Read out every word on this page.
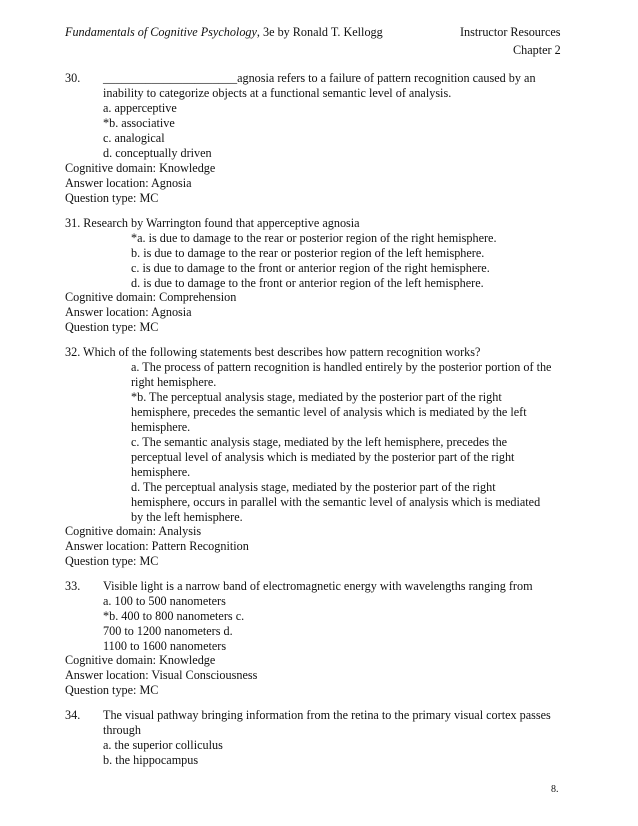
Fundamentals of Cognitive Psychology, 3e by Ronald T. Kellogg	Instructor Resources
Chapter 2
30. ______________________agnosia refers to a failure of pattern recognition caused by an
inability to categorize objects at a functional semantic level of analysis.
a. apperceptive
*b. associative
c. analogical
d. conceptually driven
Cognitive domain: Knowledge
Answer location: Agnosia
Question type: MC
31. Research by Warrington found that apperceptive agnosia
*a. is due to damage to the rear or posterior region of the right hemisphere.
b. is due to damage to the rear or posterior region of the left hemisphere.
c. is due to damage to the front or anterior region of the right hemisphere.
d. is due to damage to the front or anterior region of the left hemisphere.
Cognitive domain: Comprehension
Answer location: Agnosia
Question type: MC
32. Which of the following statements best describes how pattern recognition works?
a. The process of pattern recognition is handled entirely by the posterior portion of the
right hemisphere.
*b. The perceptual analysis stage, mediated by the posterior part of the right
hemisphere, precedes the semantic level of analysis which is mediated by the left
hemisphere.
c. The semantic analysis stage, mediated by the left hemisphere, precedes the
perceptual level of analysis which is mediated by the posterior part of the right
hemisphere.
d. The perceptual analysis stage, mediated by the posterior part of the right
hemisphere, occurs in parallel with the semantic level of analysis which is mediated
by the left hemisphere.
Cognitive domain: Analysis
Answer location: Pattern Recognition
Question type: MC
33. Visible light is a narrow band of electromagnetic energy with wavelengths ranging from
a. 100 to 500 nanometers
*b. 400 to 800 nanometers c.
700 to 1200 nanometers d.
1100 to 1600 nanometers
Cognitive domain: Knowledge
Answer location: Visual Consciousness
Question type: MC
34. The visual pathway bringing information from the retina to the primary visual cortex passes
through
a. the superior colliculus
b. the hippocampus
8.
